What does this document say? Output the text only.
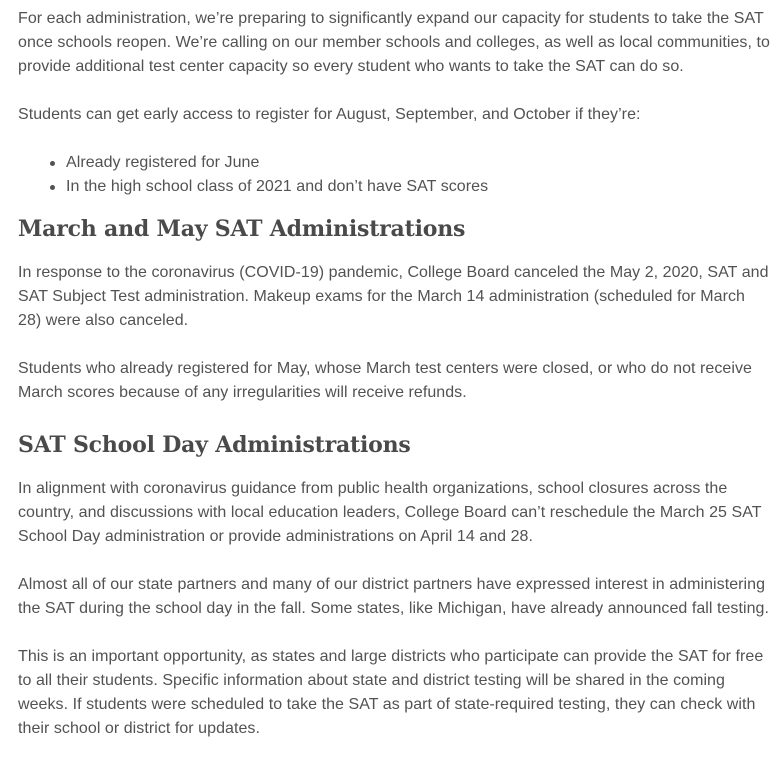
For each administration, we’re preparing to significantly expand our capacity for students to take the SAT once schools reopen. We’re calling on our member schools and colleges, as well as local communities, to provide additional test center capacity so every student who wants to take the SAT can do so.

Students can get early access to register for August, September, and October if they’re:

Already registered for June
In the high school class of 2021 and don’t have SAT scores
March and May SAT Administrations

In response to the coronavirus (COVID-19) pandemic, College Board canceled the May 2, 2020, SAT and SAT Subject Test administration. Makeup exams for the March 14 administration (scheduled for March 28) were also canceled.

Students who already registered for May, whose March test centers were closed, or who do not receive March scores because of any irregularities will receive refunds.

SAT School Day Administrations

In alignment with coronavirus guidance from public health organizations, school closures across the country, and discussions with local education leaders, College Board can’t reschedule the March 25 SAT School Day administration or provide administrations on April 14 and 28.

Almost all of our state partners and many of our district partners have expressed interest in administering the SAT during the school day in the fall. Some states, like Michigan, have already announced fall testing.

This is an important opportunity, as states and large districts who participate can provide the SAT for free to all their students. Specific information about state and district testing will be shared in the coming weeks. If students were scheduled to take the SAT as part of state-required testing, they can check with their school or district for updates.
